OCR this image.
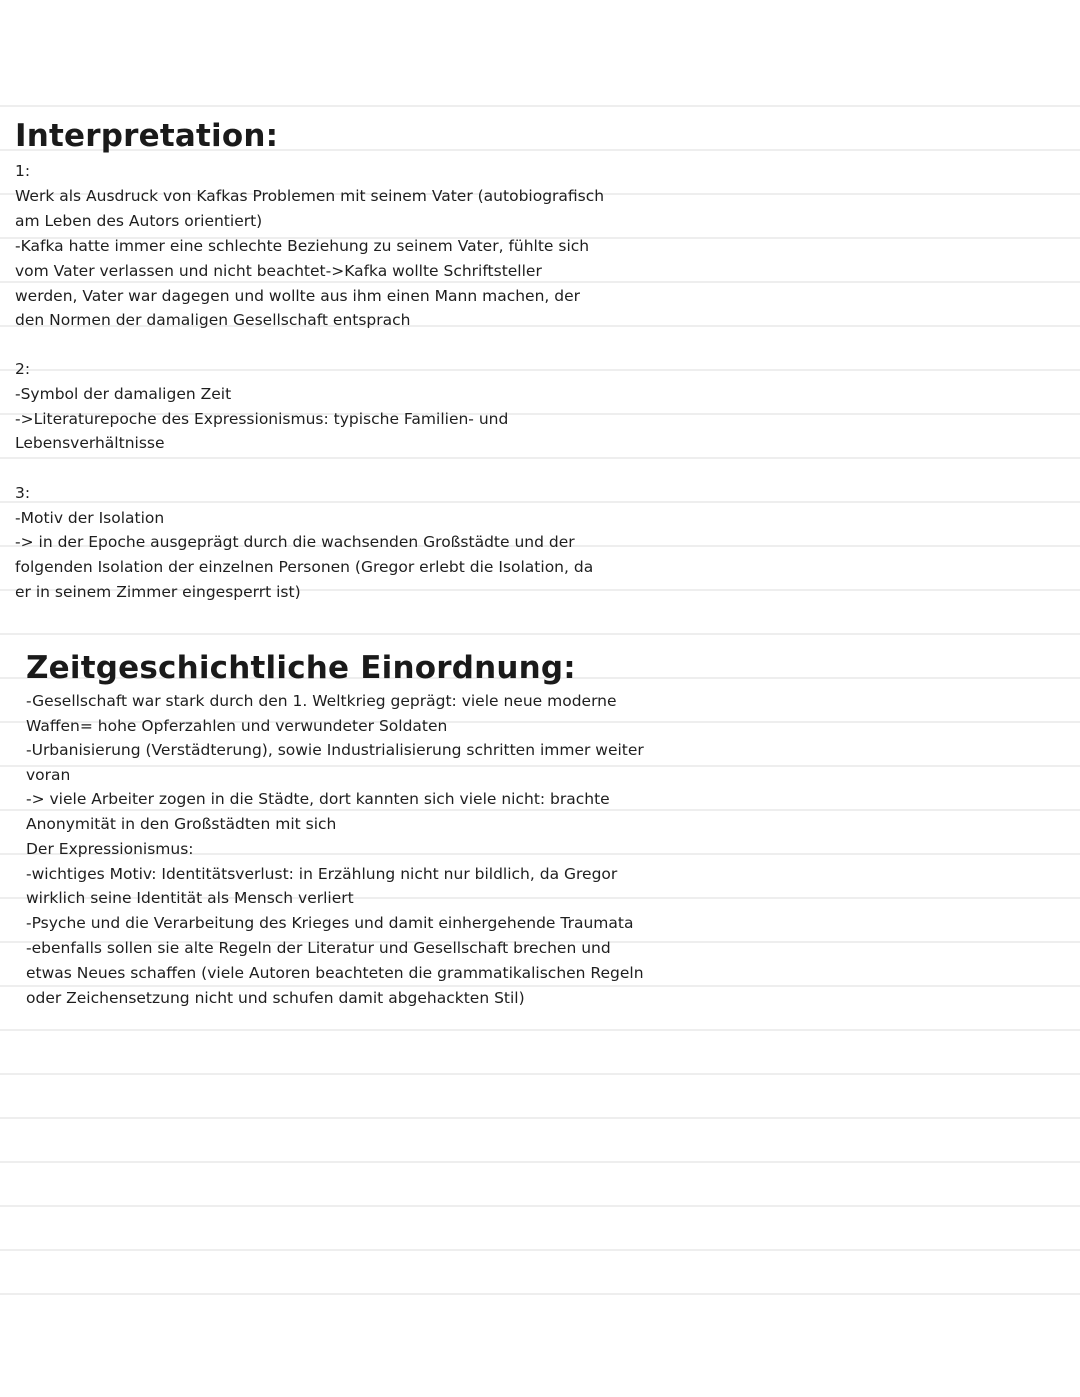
Interpretation:
1:
Werk als Ausdruck von Kafkas Problemen mit seinem Vater (autobiografisch
am Leben des Autors orientiert)
-Kafka hatte immer eine schlechte Beziehung zu seinem Vater, fühlte sich
vom Vater verlassen und nicht beachtet->Kafka wollte Schriftsteller
werden, Vater war dagegen und wollte aus ihm einen Mann machen, der
den Normen der damaligen Gesellschaft entsprach
2:
-Symbol der damaligen Zeit
->Literaturepoche des Expressionismus: typische Familien- und
Lebensverhältnisse
3:
-Motiv der Isolation
-> in der Epoche ausgeprägt durch die wachsenden Großstädte und der
folgenden Isolation der einzelnen Personen (Gregor erlebt die Isolation, da
er in seinem Zimmer eingesperrt ist)
Zeitgeschichtliche Einordnung:
-Gesellschaft war stark durch den 1. Weltkrieg geprägt: viele neue moderne
Waffen= hohe Opferzahlen und verwundeter Soldaten
-Urbanisierung (Verstädterung), sowie Industrialisierung schritten immer weiter
voran
-> viele Arbeiter zogen in die Städte, dort kannten sich viele nicht: brachte
Anonymität in den Großstädten mit sich
Der Expressionismus:
-wichtiges Motiv: Identitätsverlust: in Erzählung nicht nur bildlich, da Gregor
wirklich seine Identität als Mensch verliert
-Psyche und die Verarbeitung des Krieges und damit einhergehende Traumata
-ebenfalls sollen sie alte Regeln der Literatur und Gesellschaft brechen und
etwas Neues schaffen (viele Autoren beachteten die grammatikalischen Regeln
oder Zeichensetzung nicht und schufen damit abgehackten Stil)
